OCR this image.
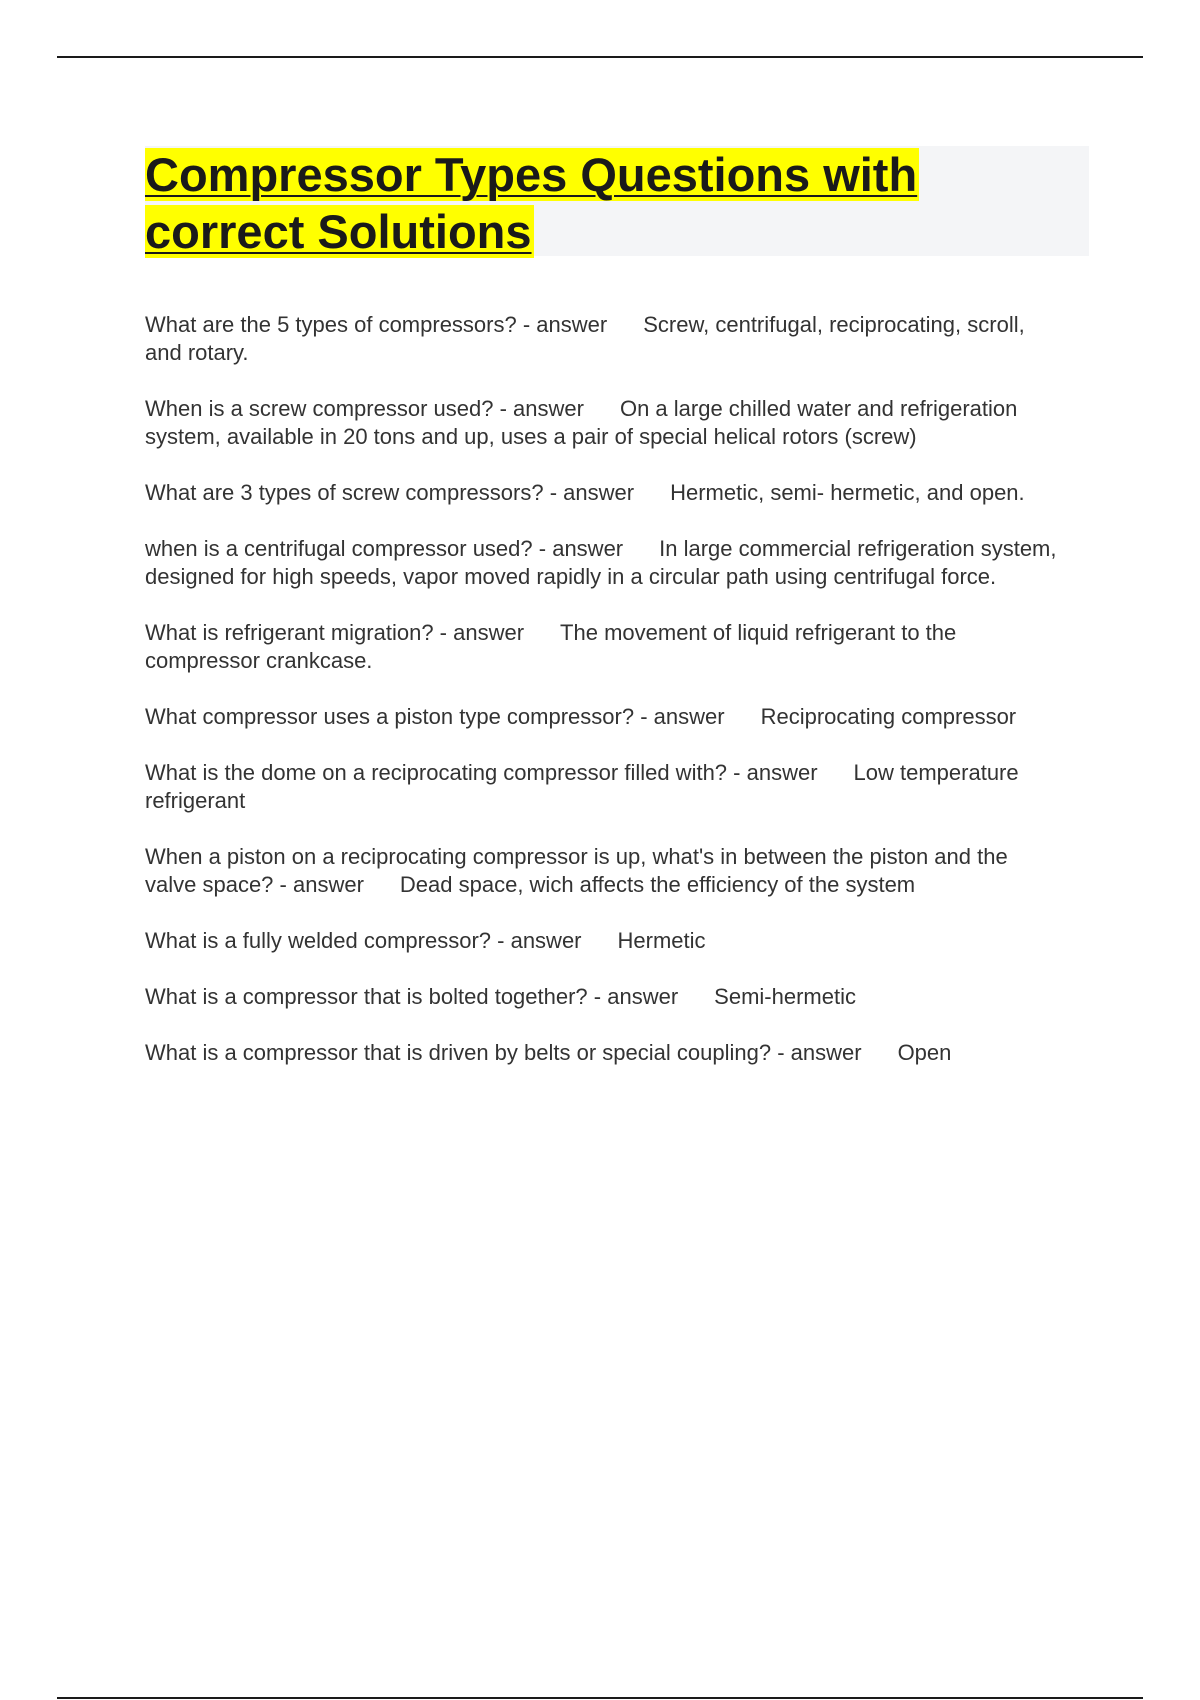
Compressor Types Questions with correct Solutions

What are the 5 types of compressors? - answer Screw, centrifugal, reciprocating, scroll, and rotary.

When is a screw compressor used? - answer On a large chilled water and refrigeration system, available in 20 tons and up, uses a pair of special helical rotors (screw)

What are 3 types of screw compressors? - answer Hermetic, semi- hermetic, and open.

when is a centrifugal compressor used? - answer In large commercial refrigeration system, designed for high speeds, vapor moved rapidly in a circular path using centrifugal force.

What is refrigerant migration? - answer The movement of liquid refrigerant to the compressor crankcase.

What compressor uses a piston type compressor? - answer Reciprocating compressor

What is the dome on a reciprocating compressor filled with? - answer Low temperature refrigerant

When a piston on a reciprocating compressor is up, what's in between the piston and the valve space? - answer Dead space, wich affects the efficiency of the system

What is a fully welded compressor? - answer Hermetic

What is a compressor that is bolted together? - answer Semi-hermetic

What is a compressor that is driven by belts or special coupling? - answer Open
